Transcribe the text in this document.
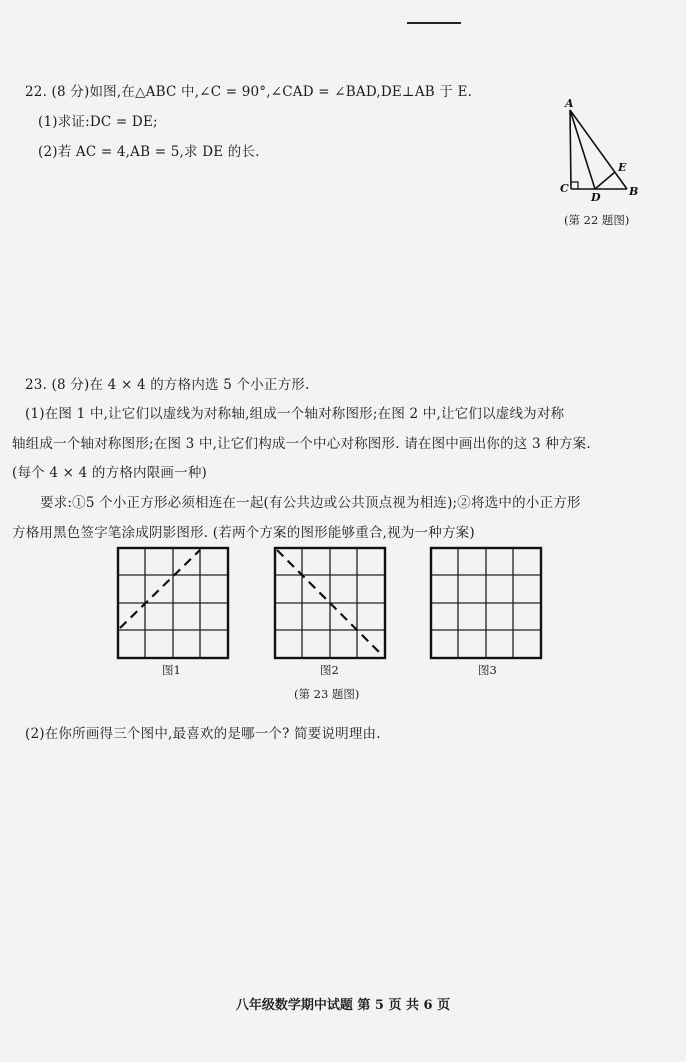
22. (8 分)如图,在△ABC 中,∠C = 90°,∠CAD = ∠BAD,DE⊥AB 于 E.
(1)求证:DC = DE;
(2)若 AC = 4,AB = 5,求 DE 的长.
A
E
C
D	B
(第 22 题图)
23. (8 分)在 4 × 4 的方格内选 5 个小正方形.
(1)在图 1 中,让它们以虚线为对称轴,组成一个轴对称图形;在图 2 中,让它们以虚线为对称
轴组成一个轴对称图形;在图 3 中,让它们构成一个中心对称图形. 请在图中画出你的这 3 种方案.
(每个 4 × 4 的方格内限画一种)
要求:①5 个小正方形必须相连在一起(有公共边或公共顶点视为相连);②将选中的小正方形
方格用黑色签字笔涂成阴影图形. (若两个方案的图形能够重合,视为一种方案)
图1	图2	图3
(第 23 题图)
(2)在你所画得三个图中,最喜欢的是哪一个? 简要说明理由.
八年级数学期中试题 第 5 页 共 6 页
